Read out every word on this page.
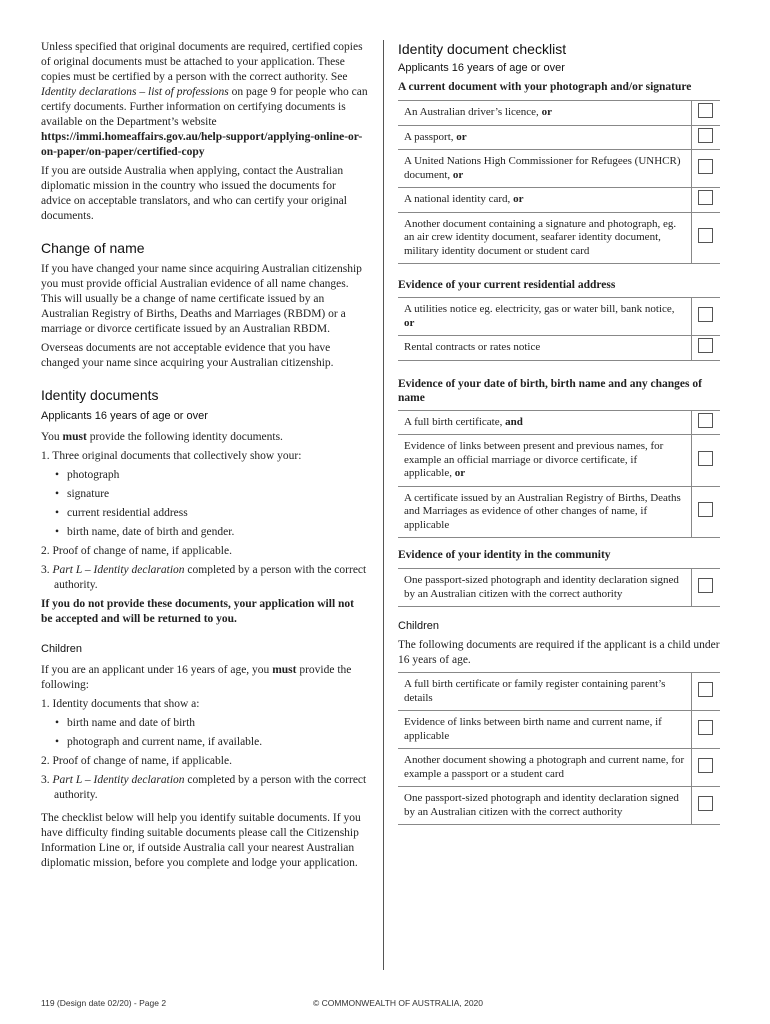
Unless specified that original documents are required, certified copies of original documents must be attached to your application. These copies must be certified by a person with the correct authority. See Identity declarations – list of professions on page 9 for people who can certify documents. Further information on certifying documents is available on the Department’s website
https://immi.homeaffairs.gov.au/help-support/applying-online-or-on-paper/on-paper/certified-copy

If you are outside Australia when applying, contact the Australian diplomatic mission in the country who issued the documents for advice on acceptable translators, and who can certify your original documents.

Change of name

If you have changed your name since acquiring Australian citizenship you must provide official Australian evidence of all name changes. This will usually be a change of name certificate issued by an Australian Registry of Births, Deaths and Marriages (RBDM) or a marriage or divorce certificate issued by an Australian RBDM.

Overseas documents are not acceptable evidence that you have changed your name since acquiring your Australian citizenship.

Identity documents
Applicants 16 years of age or over

You must provide the following identity documents.

1. Three original documents that collectively show your:

• photograph

• signature

• current residential address

• birth name, date of birth and gender.

2. Proof of change of name, if applicable.

3. Part L – Identity declaration completed by a person with the correct authority.

If you do not provide these documents, your application will not be accepted and will be returned to you.

Children

If you are an applicant under 16 years of age, you must provide the following:

1. Identity documents that show a:

• birth name and date of birth

• photograph and current name, if available.

2. Proof of change of name, if applicable.

3. Part L – Identity declaration completed by a person with the correct authority.

The checklist below will help you identify suitable documents. If you have difficulty finding suitable documents please call the Citizenship Information Line or, if outside Australia call your nearest Australian diplomatic mission, before you complete and lodge your application.

Identity document checklist
Applicants 16 years of age or over

A current document with your photograph and/or signature

An Australian driver’s licence, or	
A passport, or	
A United Nations High Commissioner for Refugees (UNHCR) document, or	
A national identity card, or	
Another document containing a signature and photograph, eg. an air crew identity document, seafarer identity document, military identity document or student card	

Evidence of your current residential address

A utilities notice eg. electricity, gas or water bill, bank notice, or	
Rental contracts or rates notice	

Evidence of your date of birth, birth name and any changes of name

A full birth certificate, and	
Evidence of links between present and previous names, for example an official marriage or divorce certificate, if applicable, or	
A certificate issued by an Australian Registry of Births, Deaths and Marriages as evidence of other changes of name, if applicable	

Evidence of your identity in the community

One passport-sized photograph and identity declaration signed by an Australian citizen with the correct authority	
Children

The following documents are required if the applicant is a child under 16 years of age.

A full birth certificate or family register containing parent’s details	
Evidence of links between birth name and current name, if applicable	
Another document showing a photograph and current name, for example a passport or a student card	
One passport-sized photograph and identity declaration signed by an Australian citizen with the correct authority	
119 (Design date 02/20) - Page 2	© COMMONWEALTH OF AUSTRALIA, 2020
